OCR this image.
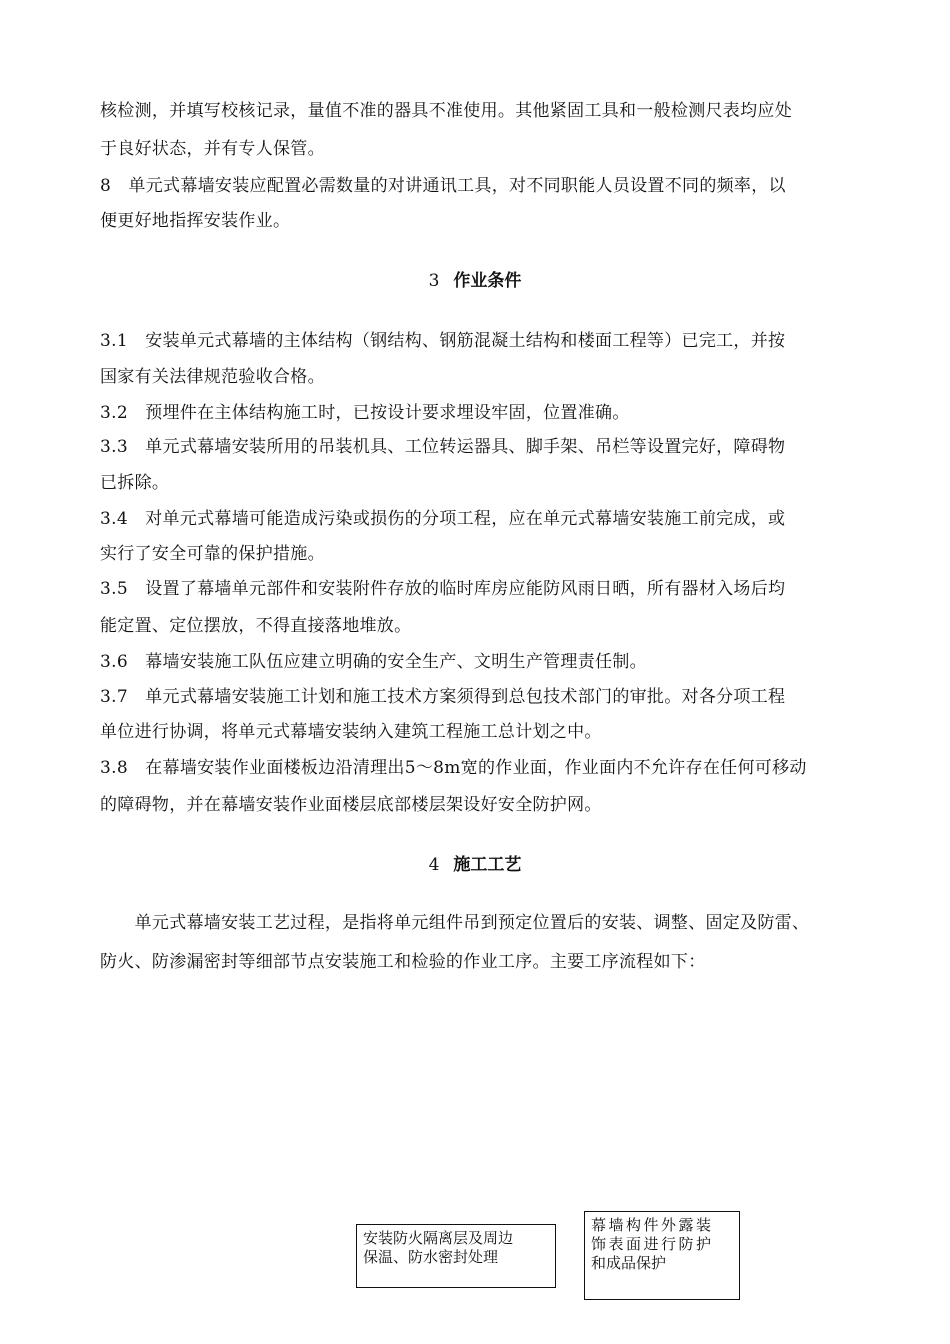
核检测，并填写校核记录，量值不准的器具不准使用。其他紧固工具和一般检测尺表均应处
于良好状态，并有专人保管。
8　单元式幕墙安装应配置必需数量的对讲通讯工具，对不同职能人员设置不同的频率，以
便更好地指挥安装作业。
3 作业条件
3.1　安装单元式幕墙的主体结构（钢结构、钢筋混凝土结构和楼面工程等）已完工，并按
国家有关法律规范验收合格。
3.2　预埋件在主体结构施工时，已按设计要求埋设牢固，位置准确。
3.3　单元式幕墙安装所用的吊装机具、工位转运器具、脚手架、吊栏等设置完好，障碍物
已拆除。
3.4　对单元式幕墙可能造成污染或损伤的分项工程，应在单元式幕墙安装施工前完成，或
实行了安全可靠的保护措施。
3.5　设置了幕墙单元部件和安装附件存放的临时库房应能防风雨日晒，所有器材入场后均
能定置、定位摆放，不得直接落地堆放。
3.6　幕墙安装施工队伍应建立明确的安全生产、文明生产管理责任制。
3.7　单元式幕墙安装施工计划和施工技术方案须得到总包技术部门的审批。对各分项工程
单位进行协调，将单元式幕墙安装纳入建筑工程施工总计划之中。
3.8　在幕墙安装作业面楼板边沿清理出5～8m宽的作业面，作业面内不允许存在任何可移动
的障碍物，并在幕墙安装作业面楼层底部楼层架设好安全防护网。
4 施工工艺
　　单元式幕墙安装工艺过程，是指将单元组件吊到预定位置后的安装、调整、固定及防雷、
防火、防渗漏密封等细部节点安装施工和检验的作业工序。主要工序流程如下：
安装防火隔离层及周边
保温、防水密封处理
幕墙构件外露装
饰表面进行防护
和成品保护
